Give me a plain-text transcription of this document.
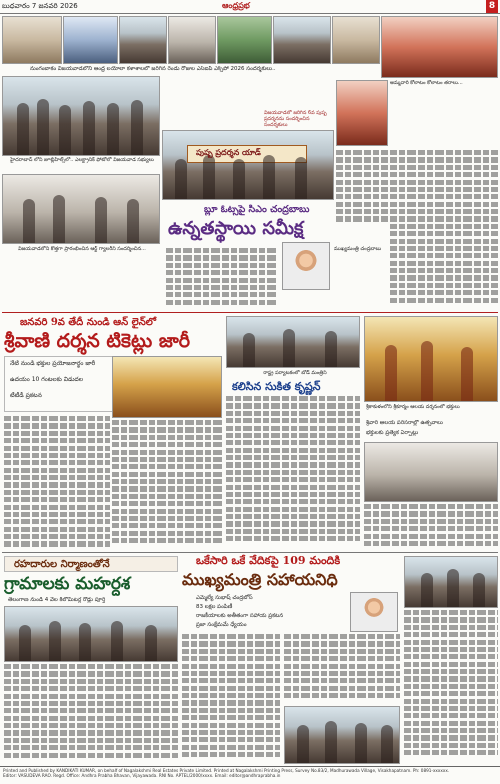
బుధవారం 7 జనవరి 2026	ఆంధ్రప్రభ	8
నుంగంబాకం విజయవాడలోని ఆంధ్ర లయోలా కళాశాలలో జరిగిన రెండు రోజుల ఎస్ఐపీ ఎక్స్‌పో 2026 సందర్శకులు..
అమ్మవారి కోలాటం కోలాటం తరాలు...
హైదరాబాద్ లోని జూబ్లీహిల్స్‌లో.. ఎలక్ట్రానిక్ ఫోటోలో విజయవాడ సభ్యులు
విజయవాడలోని కొత్తగా ప్రారంభించిన ఆర్ట్ గ్యాలరీని సందర్శించిన...
పుష్ప ప్రదర్శన యాడ్
విజయవాడలో జరిగిన 6వ పుష్ప ప్రదర్శనను సందర్శించిన సందర్శకులు
బ్లూ ఓట్సపై సిఎం చంద్రబాబు
ఉన్నతస్థాయి సమీక్ష
ముఖ్యమంత్రి చంద్రబాబు
జనవరి 9వ తేదీ నుండి ఆన్ లైన్‌లో
శ్రీవాణి దర్శన టికెట్లు జారీ
నేటి నుండి భక్తుల ప్రయోజనార్థం జారీ
ఉదయం 10 గంటలకు విడుదల
టీటీడీ ప్రకటన
రాష్ట్ర పర్యాటకంలో బోడ్ మంత్రిని
కలిసిన సుకిత కృష్ణన్
శ్రీకాకుళంలోని శ్రీకూర్మం ఆలయ దర్శనంలో భక్తులు
శ్రీవారి ఆలయ పరిసరాల్లో ఉత్సవాలు
భక్తులకు ప్రత్యేక ఏర్పాట్లు
రహదారుల నిర్మాణంతోనే
గ్రామాలకు మహర్దశ
తెలంగాణ నుండి 4 వేల కిలోమీటర్ల రోడ్లు పూర్తి
ఒకేసారి ఒకే వేదికపై 109 మందికి
ముఖ్యమంత్రి సహాయనిధి
ఎమ్మెల్యే సుభాష్ చంద్రబోస్
83 లక్షల పంపిణీ
రాజకీయాలకు అతీతంగా సహాయ ప్రకటన
ప్రజా సంక్షేమమే ధ్యేయం
Printed and Published by KANDIKATI KUMAR, on behalf of Nagalakshmi Real Estates Private Limited. Printed at Nagalakshmi Printing Press, Survey No.83/2, Madhurawada Village, Visakhapatnam. Ph: 0891-xxxxxx.
Editor: VASUDEVA RAO. Regd. Office: Andhra Prabha Bhavan, Vijayawada. RNI No. APTEL/2000/xxxx. Email: editor@andhraprabha.in
